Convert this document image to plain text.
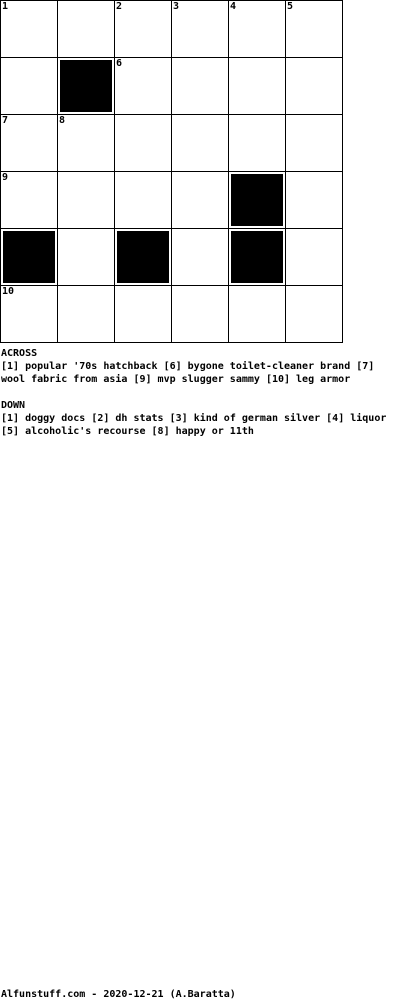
1	2	3	4	5
6
7	8
9
10
ACROSS
[1] popular '70s hatchback [6] bygone toilet-cleaner brand [7] wool fabric from asia [9] mvp slugger sammy [10] leg armor
DOWN
[1] doggy docs [2] dh stats [3] kind of german silver [4] liquor [5] alcoholic's recourse [8] happy or 11th
Alfunstuff.com - 2020-12-21 (A.Baratta)
